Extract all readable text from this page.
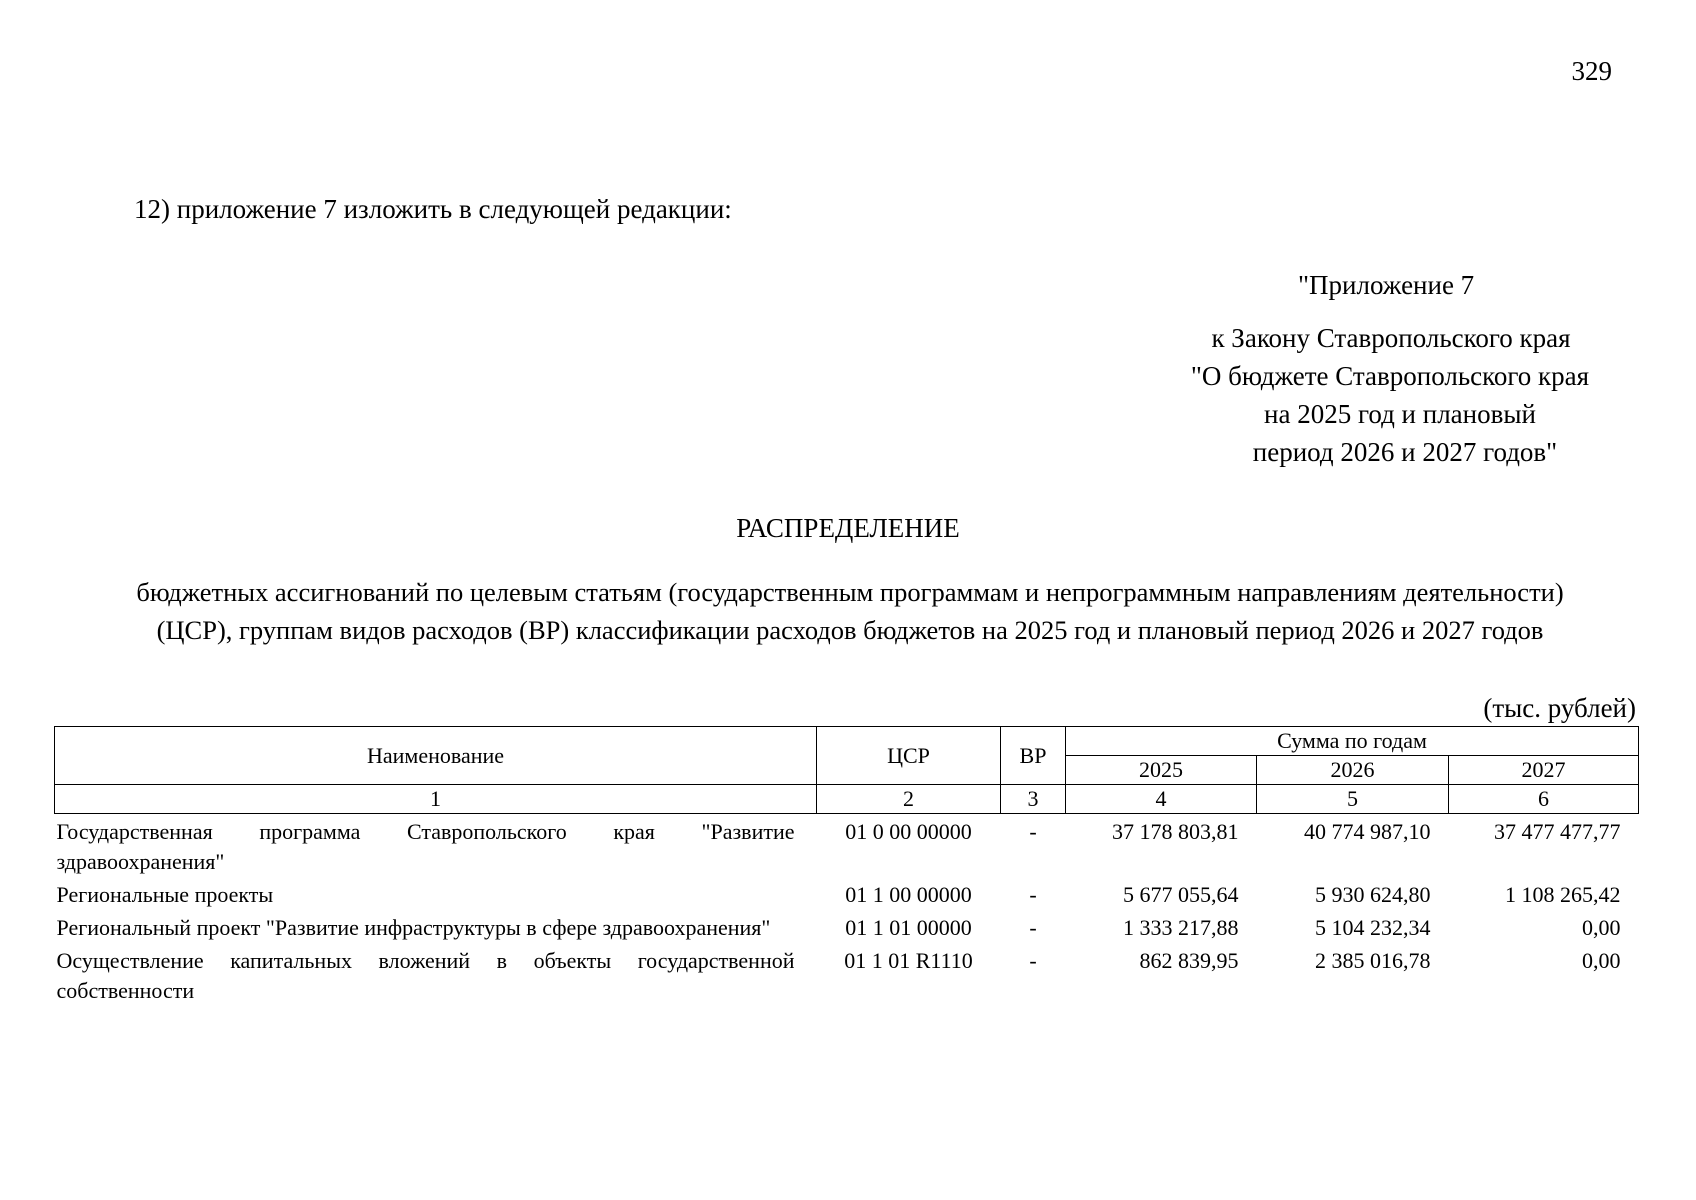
329
12) приложение 7 изложить в следующей редакции:
"Приложение 7
к Закону Ставропольского края
"О бюджете Ставропольского края
на 2025 год и плановый
период 2026 и 2027 годов"
РАСПРЕДЕЛЕНИЕ
бюджетных ассигнований по целевым статьям (государственным программам и непрограммным направлениям деятельности)
(ЦСР), группам видов расходов (ВР) классификации расходов бюджетов на 2025 год и плановый период 2026 и 2027 годов
(тыс. рублей)
Наименование	ЦСР	ВР	Сумма по годам		
			2025	2026	2027
1	2	3	4	5	6
Государственная программа Ставропольского края "Развитие здравоохранения"	01 0 00 00000	-	37 178 803,81	40 774 987,10	37 477 477,77
Региональные проекты	01 1 00 00000	-	5 677 055,64	5 930 624,80	1 108 265,42
Региональный проект "Развитие инфраструктуры в сфере здравоохранения"	01 1 01 00000	-	1 333 217,88	5 104 232,34	0,00
Осуществление капитальных вложений в объекты государственной собственности	01 1 01 R1110	-	862 839,95	2 385 016,78	0,00
